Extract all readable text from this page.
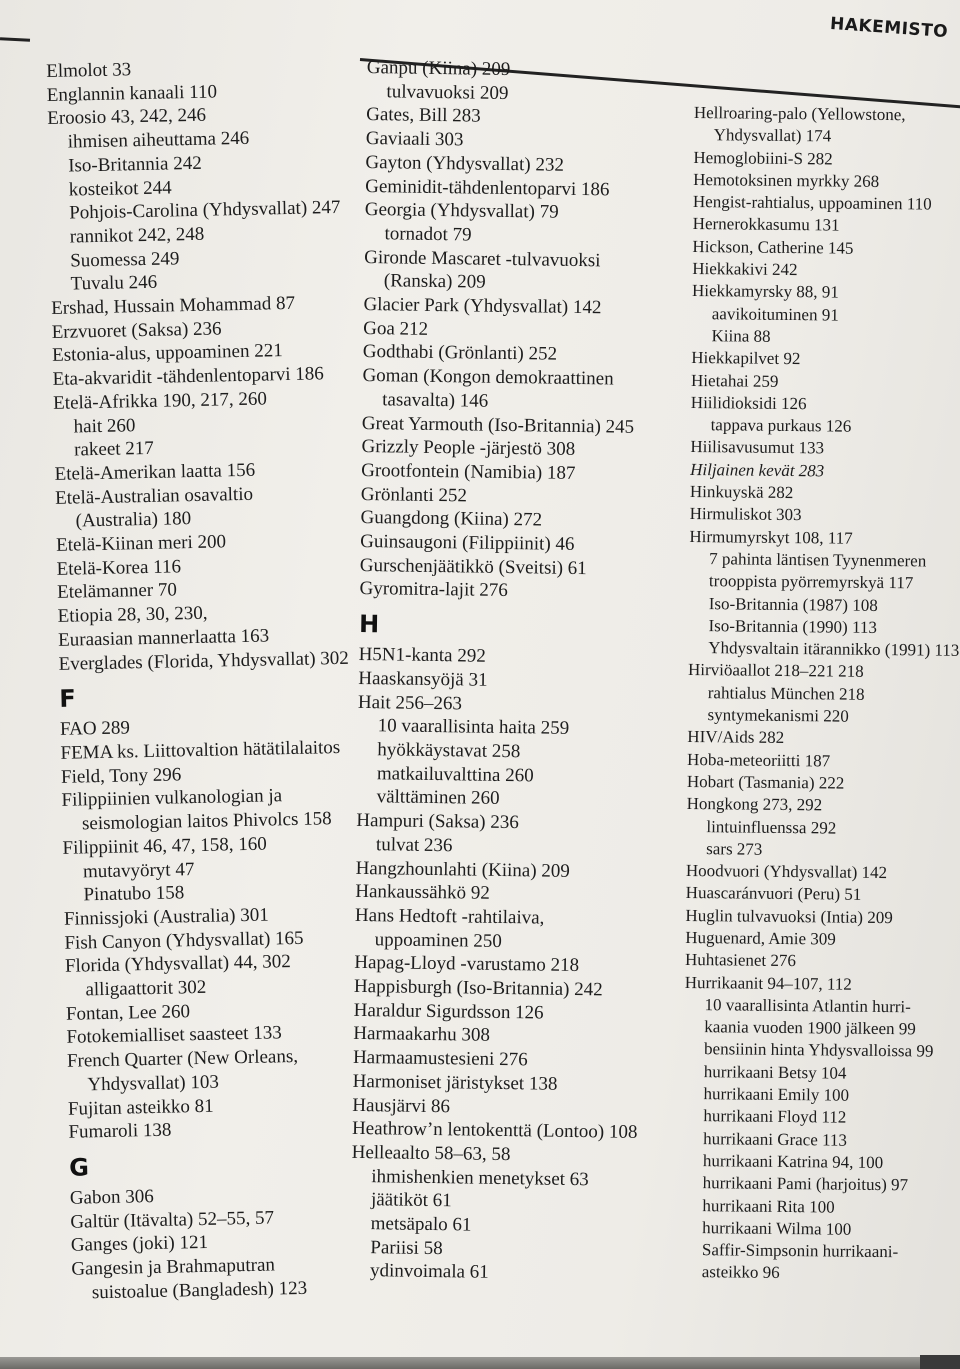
HAKEMISTO
Elmolot 33
Englannin kanaali 110
Eroosio 43, 242, 246
ihmisen aiheuttama 246
Iso-Britannia 242
kosteikot 244
Pohjois-Carolina (Yhdysvallat) 247
rannikot 242, 248
Suomessa 249
Tuvalu 246
Ershad, Hussain Mohammad 87
Erzvuoret (Saksa) 236
Estonia-alus, uppoaminen 221
Eta-akvaridit -tähdenlentoparvi 186
Etelä-Afrikka 190, 217, 260
hait 260
rakeet 217
Etelä-Amerikan laatta 156
Etelä-Australian osavaltio
(Australia) 180
Etelä-Kiinan meri 200
Etelä-Korea 116
Etelämanner 70
Etiopia 28, 30, 230,
Euraasian mannerlaatta 163
Everglades (Florida, Yhdysvallat) 302
F
FAO 289
FEMA ks. Liittovaltion hätätilalaitos
Field, Tony 296
Filippiinien vulkanologian ja
seismologian laitos Phivolcs 158
Filippiinit 46, 47, 158, 160
mutavyöryt 47
Pinatubo 158
Finnissjoki (Australia) 301
Fish Canyon (Yhdysvallat) 165
Florida (Yhdysvallat) 44, 302
alligaattorit 302
Fontan, Lee 260
Fotokemialliset saasteet 133
French Quarter (New Orleans,
Yhdysvallat) 103
Fujitan asteikko 81
Fumaroli 138
G
Gabon 306
Galtür (Itävalta) 52–55, 57
Ganges (joki) 121
Gangesin ja Brahmaputran
suistoalue (Bangladesh) 123
Ganpu (Kiina) 209
tulvavuoksi 209
Gates, Bill 283
Gaviaali 303
Gayton (Yhdysvallat) 232
Geminidit-tähdenlentoparvi 186
Georgia (Yhdysvallat) 79
tornadot 79
Gironde Mascaret -tulvavuoksi
(Ranska) 209
Glacier Park (Yhdysvallat) 142
Goa 212
Godthabi (Grönlanti) 252
Goman (Kongon demokraattinen
tasavalta) 146
Great Yarmouth (Iso-Britannia) 245
Grizzly People -järjestö 308
Grootfontein (Namibia) 187
Grönlanti 252
Guangdong (Kiina) 272
Guinsaugoni (Filippiinit) 46
Gurschenjäätikkö (Sveitsi) 61
Gyromitra-lajit 276
H
H5N1-kanta 292
Haaskansyöjä 31
Hait 256–263
10 vaarallisinta haita 259
hyökkäystavat 258
matkailuvalttina 260
välttäminen 260
Hampuri (Saksa) 236
tulvat 236
Hangzhounlahti (Kiina) 209
Hankaussähkö 92
Hans Hedtoft -rahtilaiva,
uppoaminen 250
Hapag-Lloyd -varustamo 218
Happisburgh (Iso-Britannia) 242
Haraldur Sigurdsson 126
Harmaakarhu 308
Harmaamustesieni 276
Harmoniset järistykset 138
Hausjärvi 86
Heathrow’n lentokenttä (Lontoo) 108
Helleaalto 58–63, 58
ihmishenkien menetykset 63
jäätiköt 61
metsäpalo 61
Pariisi 58
ydinvoimala 61
Hellroaring-palo (Yellowstone,
Yhdysvallat) 174
Hemoglobiini-S 282
Hemotoksinen myrkky 268
Hengist-rahtialus, uppoaminen 110
Hernerokkasumu 131
Hickson, Catherine 145
Hiekkakivi 242
Hiekkamyrsky 88, 91
aavikoituminen 91
Kiina 88
Hiekkapilvet 92
Hietahai 259
Hiilidioksidi 126
tappava purkaus 126
Hiilisavusumut 133
Hiljainen kevät 283
Hinkuyskä 282
Hirmuliskot 303
Hirmumyrskyt 108, 117
7 pahinta läntisen Tyynenmeren
trooppista pyörremyrskyä 117
Iso-Britannia (1987) 108
Iso-Britannia (1990) 113
Yhdysvaltain itärannikko (1991) 113
Hirviöaallot 218–221 218
rahtialus München 218
syntymekanismi 220
HIV/Aids 282
Hoba-meteoriitti 187
Hobart (Tasmania) 222
Hongkong 273, 292
lintuinfluenssa 292
sars 273
Hoodvuori (Yhdysvallat) 142
Huascaránvuori (Peru) 51
Huglin tulvavuoksi (Intia) 209
Huguenard, Amie 309
Huhtasienet 276
Hurrikaanit 94–107, 112
10 vaarallisinta Atlantin hurri-
kaania vuoden 1900 jälkeen 99
bensiinin hinta Yhdysvalloissa 99
hurrikaani Betsy 104
hurrikaani Emily 100
hurrikaani Floyd 112
hurrikaani Grace 113
hurrikaani Katrina 94, 100
hurrikaani Pami (harjoitus) 97
hurrikaani Rita 100
hurrikaani Wilma 100
Saffir-Simpsonin hurrikaani-
asteikko 96
